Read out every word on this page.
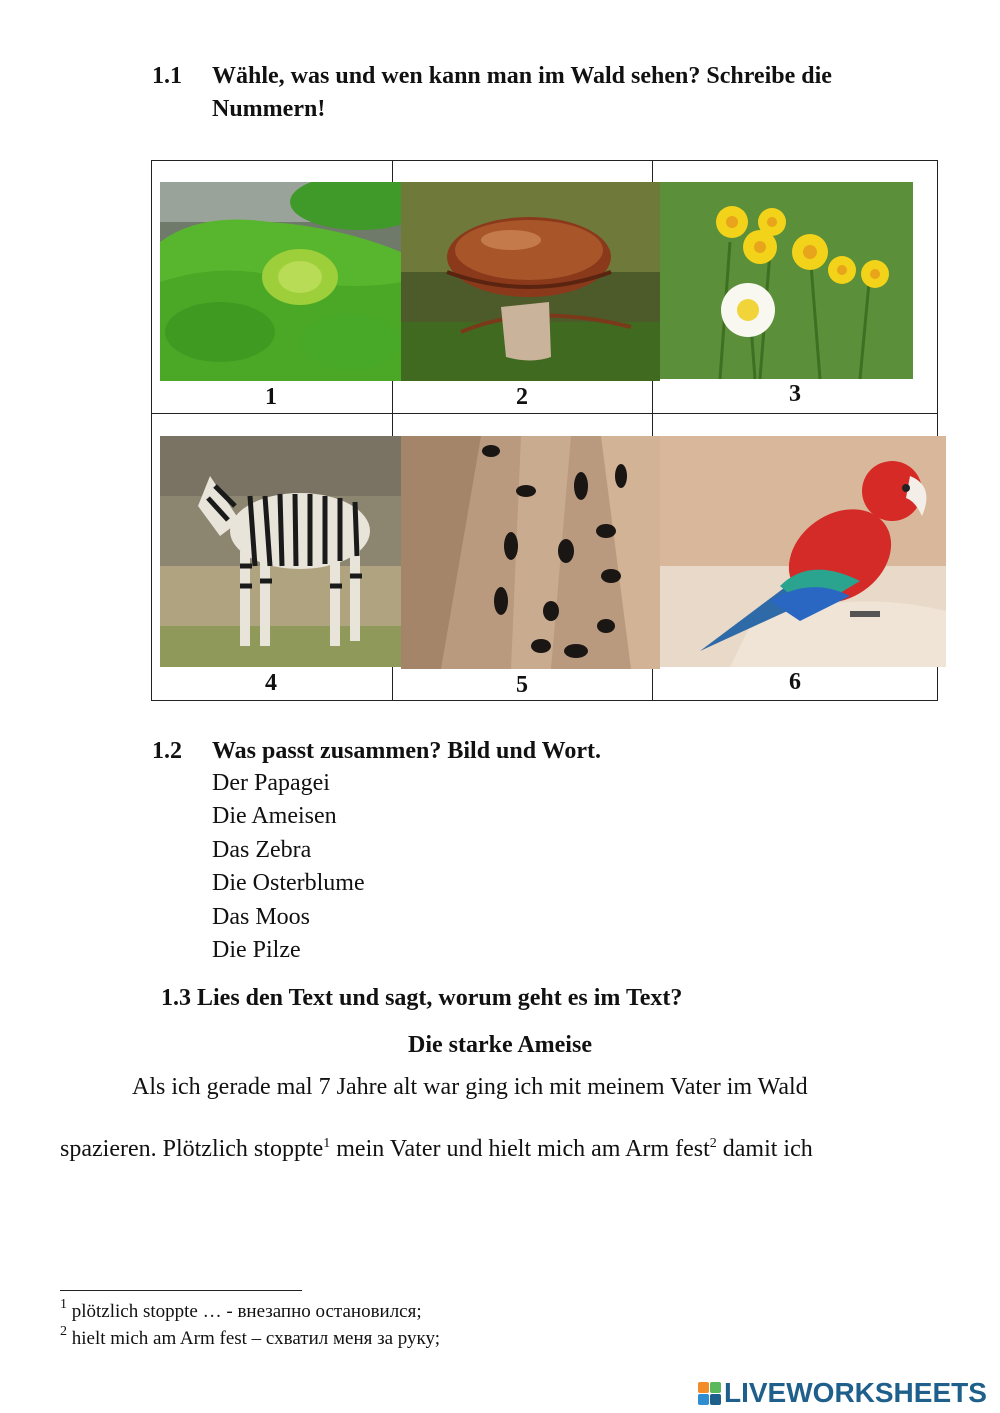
1.1 Wähle, was und wen kann man im Wald sehen? Schreibe die
Nummern!
1	2	3
4	5	6
1.2 Was passt zusammen? Bild und Wort.
Der Papagei
Die Ameisen
Das Zebra
Die Osterblume
Das Moos
Die Pilze
1.3 Lies den Text und sagt, worum geht es im Text?
Die starke Ameise
Als ich gerade mal 7 Jahre alt war ging ich mit meinem Vater im Wald
spazieren. Plötzlich stoppte$^1$ mein Vater und hielt mich am Arm fest$^2$ damit ich
$^1$ plötzlich stoppte … - внезапно остановился;
$^2$ hielt mich am Arm fest – схватил меня за руку;
LIVEWORKSHEETS
